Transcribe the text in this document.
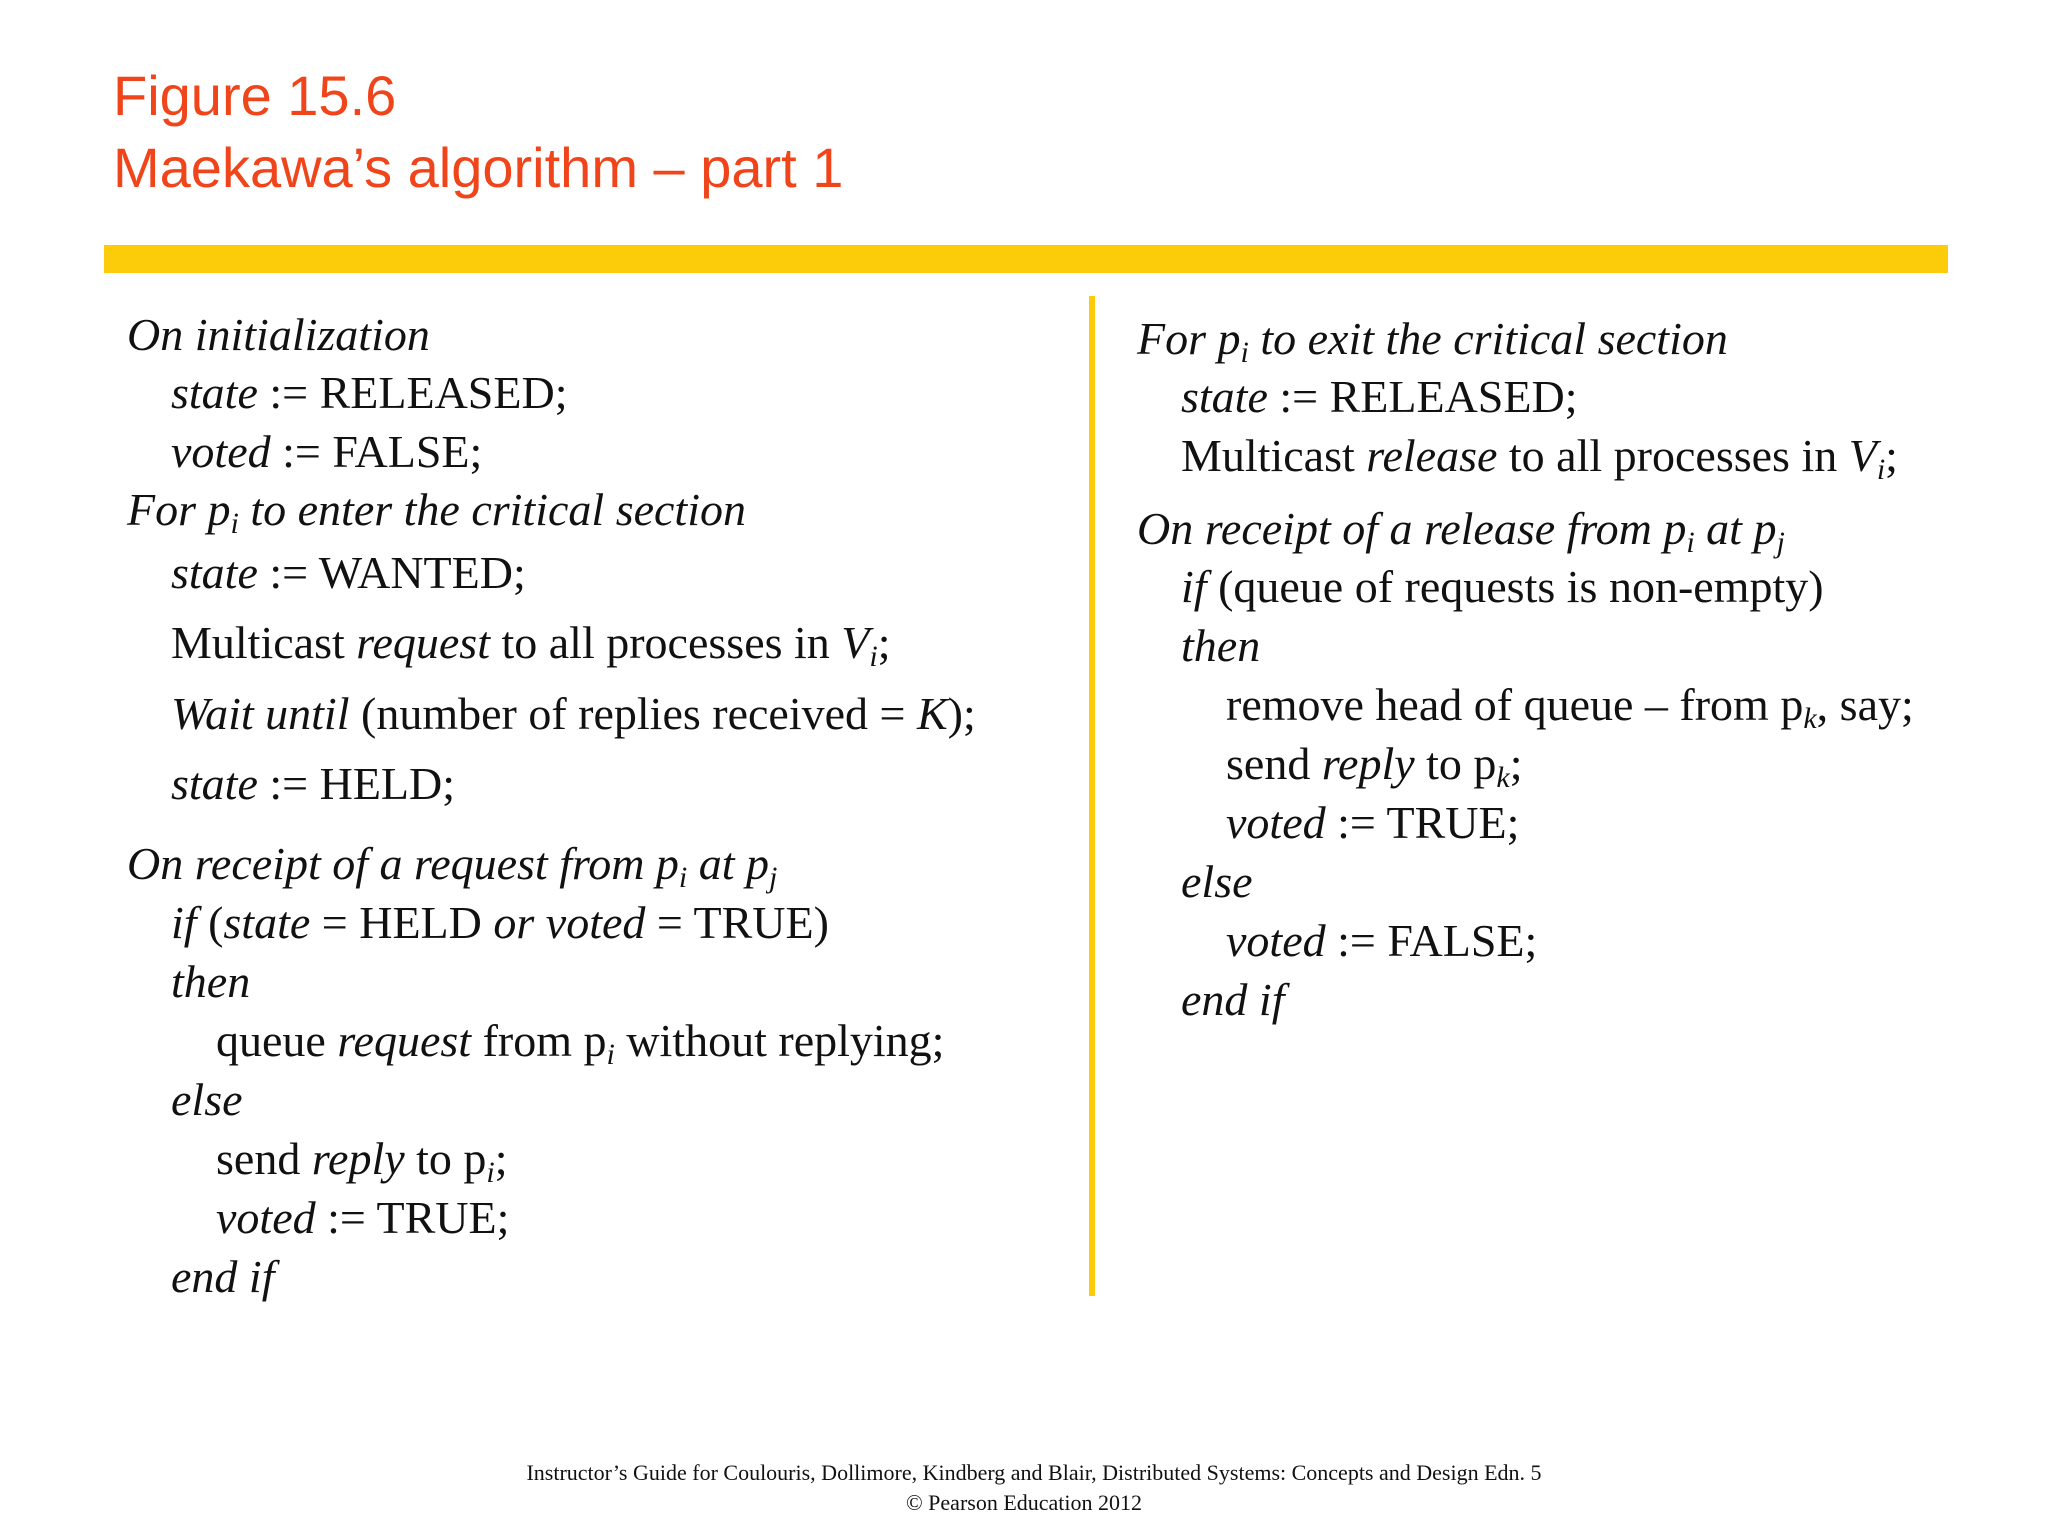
Figure 15.6
Maekawa’s algorithm – part 1
On initialization
state := RELEASED;
voted := FALSE;
For $p_i$ to enter the critical section
state := WANTED;
Multicast request to all processes in $V_i$;
Wait until (number of replies received = K);
state := HELD;
On receipt of a request from $p_i$ at $p_j$
if (state = HELD or voted = TRUE)
then
queue request from $p_i$ without replying;
else
send reply to $p_i$;
voted := TRUE;
end if
For $p_i$ to exit the critical section
state := RELEASED;
Multicast release to all processes in $V_i$;
On receipt of a release from $p_i$ at $p_j$
if (queue of requests is non-empty)
then
remove head of queue – from $p_k$, say;
send reply to $p_k$;
voted := TRUE;
else
voted := FALSE;
end if
Instructor’s Guide for Coulouris, Dollimore, Kindberg and Blair, Distributed Systems: Concepts and Design Edn. 5
© Pearson Education 2012
